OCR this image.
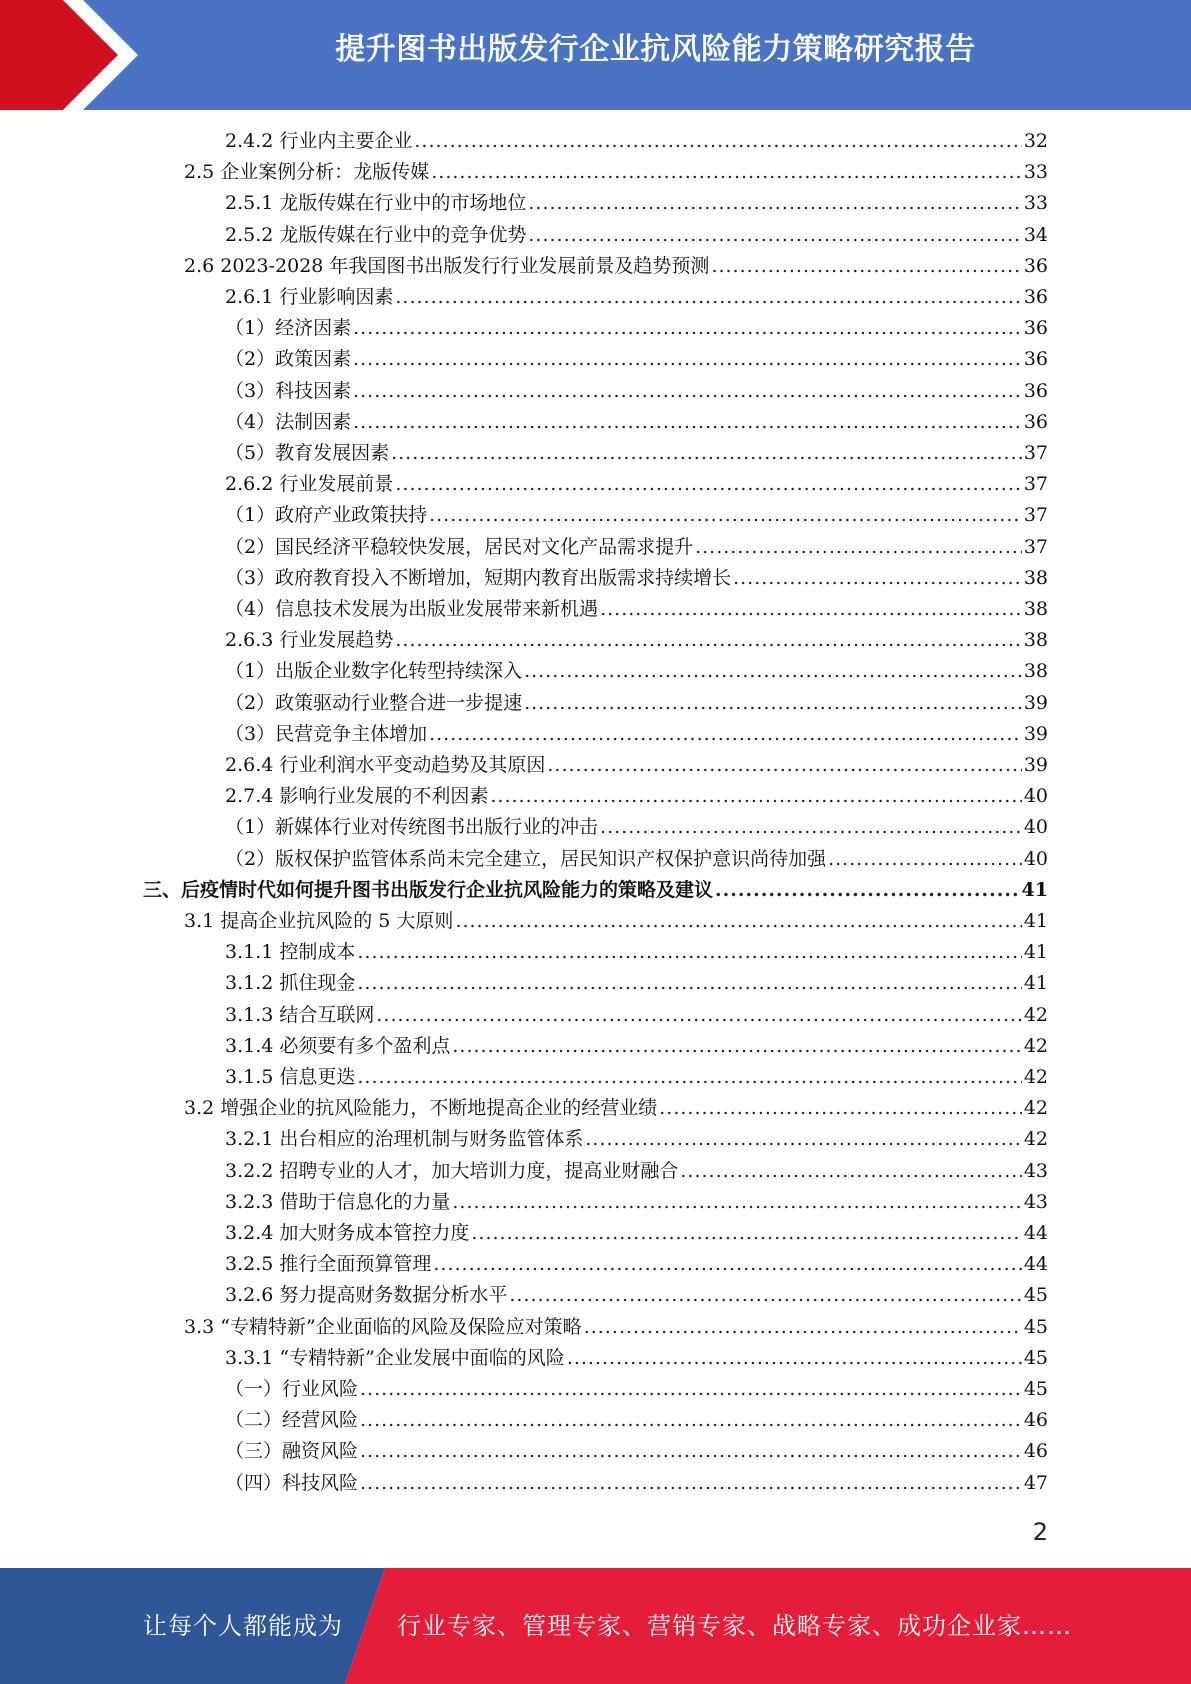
提升图书出版发行企业抗风险能力策略研究报告
2.4.2 行业内主要企业 .....	32
2.5 企业案例分析：龙版传媒 .....	33
2.5.1 龙版传媒在行业中的市场地位 .....	33
2.5.2 龙版传媒在行业中的竞争优势 .....	34
2.6 2023-2028 年我国图书出版发行行业发展前景及趋势预测 .....	36
2.6.1 行业影响因素 .....	36
（1）经济因素 .....	36
（2）政策因素 .....	36
（3）科技因素 .....	36
（4）法制因素 .....	36
（5）教育发展因素 .....	37
2.6.2 行业发展前景 .....	37
（1）政府产业政策扶持 .....	37
（2）国民经济平稳较快发展，居民对文化产品需求提升 .....	37
（3）政府教育投入不断增加，短期内教育出版需求持续增长 .....	38
（4）信息技术发展为出版业发展带来新机遇 .....	38
2.6.3 行业发展趋势 .....	38
（1）出版企业数字化转型持续深入 .....	38
（2）政策驱动行业整合进一步提速 .....	39
（3）民营竞争主体增加 .....	39
2.6.4 行业利润水平变动趋势及其原因 .....	39
2.7.4 影响行业发展的不利因素 .....	40
（1）新媒体行业对传统图书出版行业的冲击 .....	40
（2）版权保护监管体系尚未完全建立，居民知识产权保护意识尚待加强 .....	40
三、后疫情时代如何提升图书出版发行企业抗风险能力的策略及建议 .....	41
3.1 提高企业抗风险的 5 大原则 .....	41
3.1.1 控制成本 .....	41
3.1.2 抓住现金 .....	41
3.1.3 结合互联网 .....	42
3.1.4 必须要有多个盈利点 .....	42
3.1.5 信息更迭 .....	42
3.2 增强企业的抗风险能力，不断地提高企业的经营业绩 .....	42
3.2.1 出台相应的治理机制与财务监管体系 .....	42
3.2.2 招聘专业的人才，加大培训力度，提高业财融合 .....	43
3.2.3 借助于信息化的力量 .....	43
3.2.4 加大财务成本管控力度 .....	44
3.2.5 推行全面预算管理 .....	44
3.2.6 努力提高财务数据分析水平 .....	45
3.3 “专精特新”企业面临的风险及保险应对策略 .....	45
3.3.1 “专精特新”企业发展中面临的风险 .....	45
（一）行业风险 .....	45
（二）经营风险 .....	46
（三）融资风险 .....	46
（四）科技风险 .....	47
2
让每个人都能成为 行业专家、管理专家、营销专家、战略专家、成功企业家……
